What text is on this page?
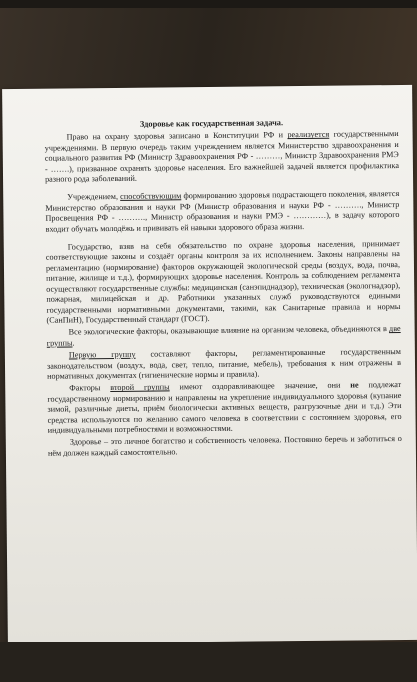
Здоровье как государственная задача.

Право на охрану здоровья записано в Конституции РФ и реализуется государственными учреждениями. В первую очередь таким учреждением является Министерство здравоохранения и социального развития РФ (Министр Здравоохранения РФ - ………, Министр Здравоохранения РМЭ - …….), призванное охранять здоровье населения. Его важнейшей задачей является профилактика разного рода заболеваний.

Учреждением, способствующим формированию здоровья подрастающего поколения, является Министерство образования и науки РФ (Министр образования и науки РФ - ………., Министр Просвещения РФ - ………., Министр образования и науки РМЭ - …………), в задачу которого входит обучать молодёжь и прививать ей навыки здорового образа жизни.

Государство, взяв на себя обязательство по охране здоровья населения, принимает соответствующие законы и создаёт органы контроля за их исполнением. Законы направлены на регламентацию (нормирование) факторов окружающей экологической среды (воздух, вода, почва, питание, жилище и т.д.), формирующих здоровье населения. Контроль за соблюдением регламента осуществляют государственные службы: медицинская (санэпиднадзор), техническая (экологнадзор), пожарная, милицейская и др. Работники указанных служб руководствуются едиными государственными нормативными документами, такими, как Санитарные правила и нормы (СанПиН), Государственный стандарт (ГОСТ).

Все экологические факторы, оказывающие влияние на организм человека, объединяются в две группы.

Первую группу составляют факторы, регламентированные государственным законодательством (воздух, вода, свет, тепло, питание, мебель), требования к ним отражены в нормативных документах (гигиенические нормы и правила).

Факторы второй группы имеют оздоравливающее значение, они не подлежат государственному нормированию и направлены на укрепление индивидуального здоровья (купание зимой, различные диеты, приём биологически активных веществ, разгрузочные дни и т.д.) Эти средства используются по желанию самого человека в соответствии с состоянием здоровья, его индивидуальными потребностями и возможностями.

Здоровье – это личное богатство и собственность человека. Постоянно беречь и заботиться о нём должен каждый самостоятельно.
